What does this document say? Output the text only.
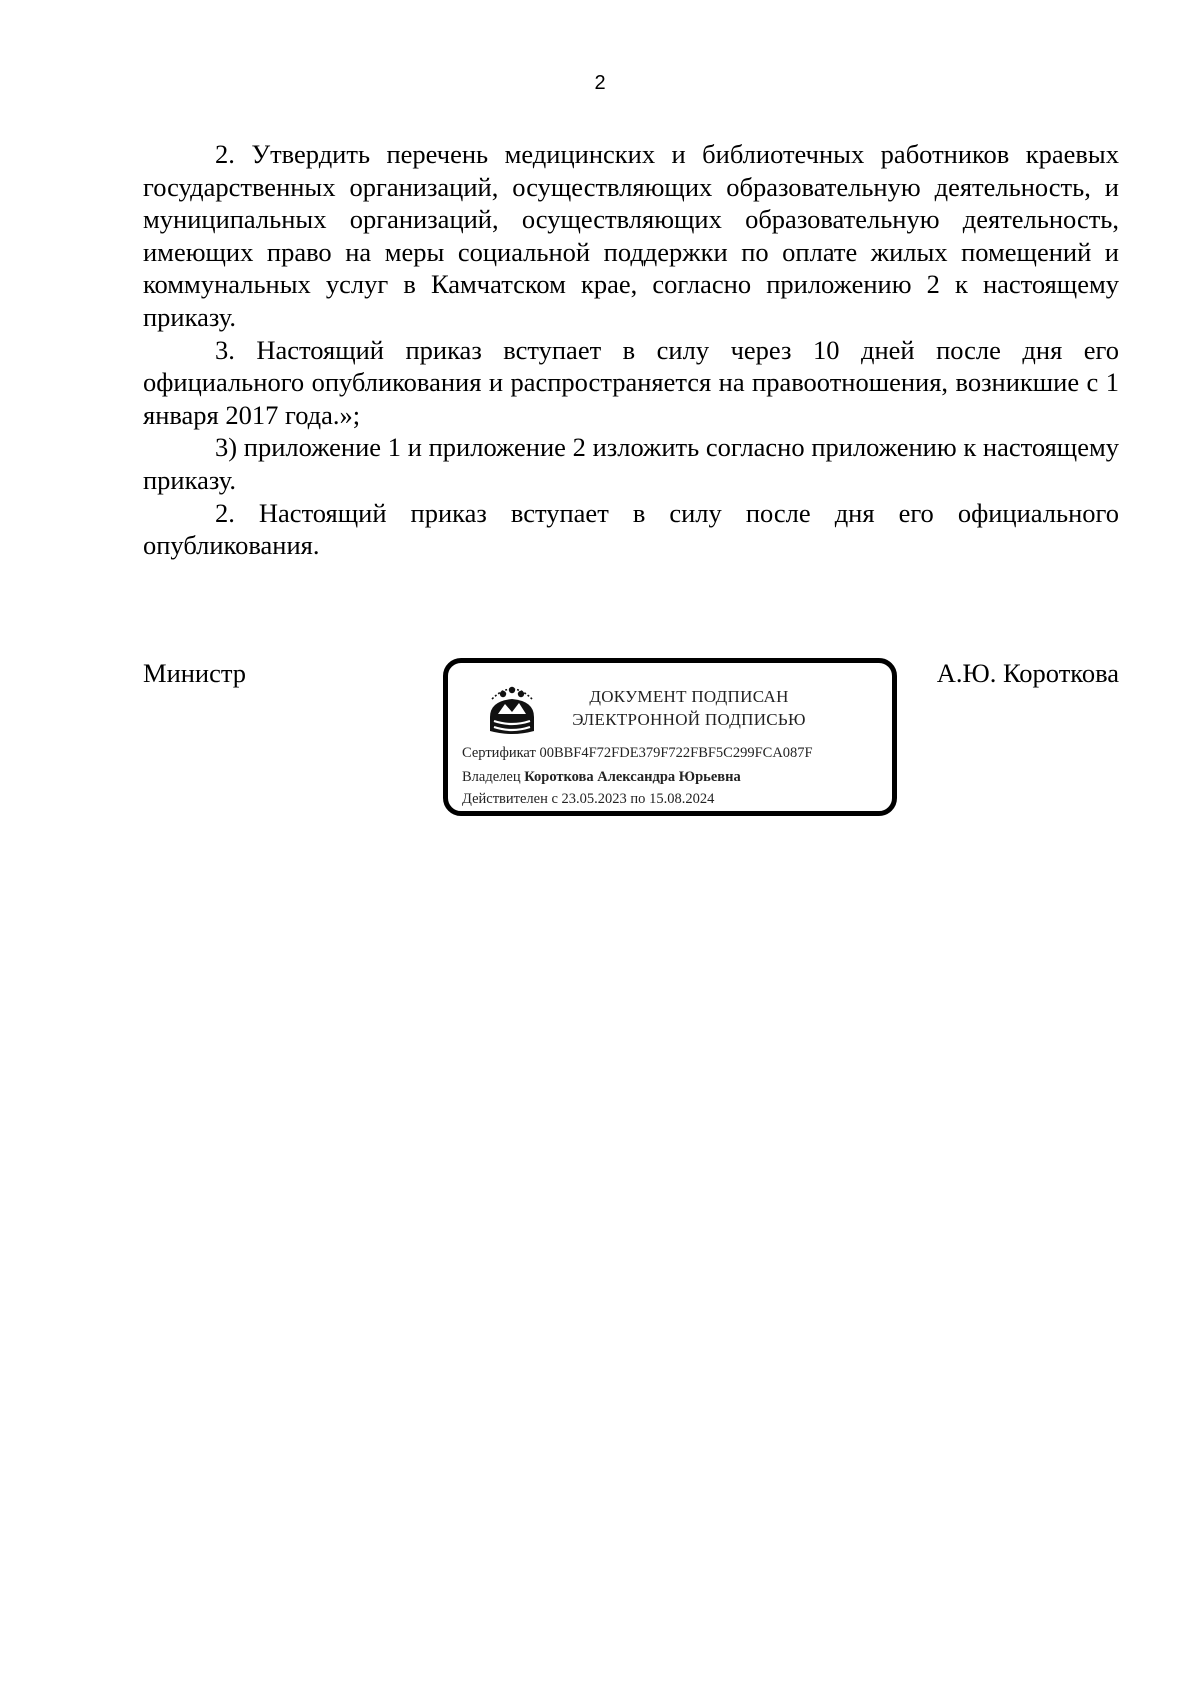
2

2. Утвердить перечень медицинских и библиотечных работников краевых государственных организаций, осуществляющих образовательную деятельность, и муниципальных организаций, осуществляющих образовательную деятельность, имеющих право на меры социальной поддержки по оплате жилых помещений и коммунальных услуг в Камчатском крае, согласно приложению 2 к настоящему приказу.

3. Настоящий приказ вступает в силу через 10 дней после дня его официального опубликования и распространяется на правоотношения, возникшие с 1 января 2017 года.»;

3) приложение 1 и приложение 2 изложить согласно приложению к настоящему приказу.

2. Настоящий приказ вступает в силу после дня его официального опубликования.

Министр
ДОКУМЕНТ ПОДПИСАН
ЭЛЕКТРОННОЙ ПОДПИСЬЮ
Сертификат 00BBF4F72FDE379F722FBF5C299FCA087F
Владелец Короткова Александра Юрьевна
Действителен с 23.05.2023 по 15.08.2024
А.Ю. Короткова
